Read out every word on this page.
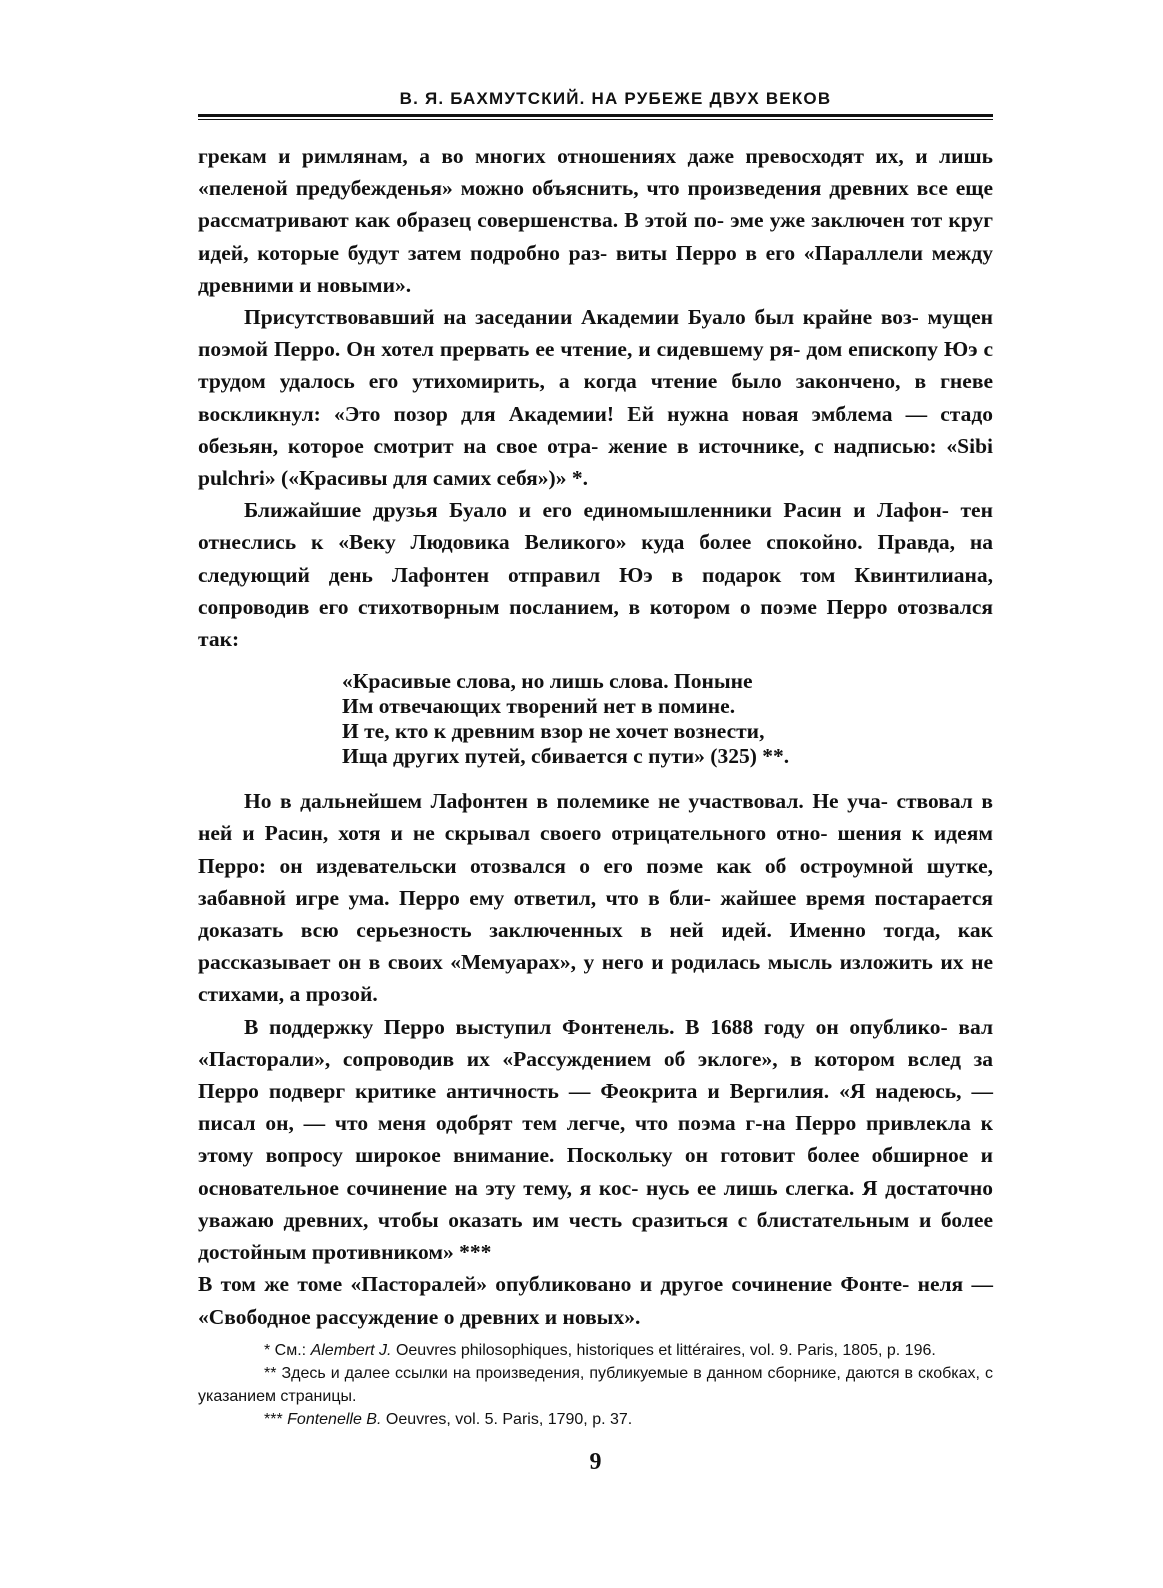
В. Я. БАХМУТСКИЙ. НА РУБЕЖЕ ДВУХ ВЕКОВ

грекам и римлянам, а во многих отношениях даже превосходят их, и лишь «пеленой предубежденья» можно объяснить, что произведения древних все еще рассматривают как образец совершенства. В этой по- эме уже заключен тот круг идей, которые будут затем подробно раз- виты Перро в его «Параллели между древними и новыми».

Присутствовавший на заседании Академии Буало был крайне воз- мущен поэмой Перро. Он хотел прервать ее чтение, и сидевшему ря- дом епископу Юэ с трудом удалось его утихомирить, а когда чтение было закончено, в гневе воскликнул: «Это позор для Академии! Ей нужна новая эмблема — стадо обезьян, которое смотрит на свое отра- жение в источнике, с надписью: «Sibi pulchri» («Красивы для самих себя»)» *.

Ближайшие друзья Буало и его единомышленники Расин и Лафон- тен отнеслись к «Веку Людовика Великого» куда более спокойно. Правда, на следующий день Лафонтен отправил Юэ в подарок том Квинтилиана, сопроводив его стихотворным посланием, в котором о поэме Перро отозвался так:

«Красивые слова, но лишь слова. Поныне
Им отвечающих творений нет в помине.
И те, кто к древним взор не хочет вознести,
Ища других путей, сбивается с пути» (325) **.

Но в дальнейшем Лафонтен в полемике не участвовал. Не уча- ствовал в ней и Расин, хотя и не скрывал своего отрицательного отно- шения к идеям Перро: он издевательски отозвался о его поэме как об остроумной шутке, забавной игре ума. Перро ему ответил, что в бли- жайшее время постарается доказать всю серьезность заключенных в ней идей. Именно тогда, как рассказывает он в своих «Мемуарах», у него и родилась мысль изложить их не стихами, а прозой.

В поддержку Перро выступил Фонтенель. В 1688 году он опублико- вал «Пасторали», сопроводив их «Рассуждением об эклоге», в котором вслед за Перро подверг критике античность — Феокрита и Вергилия. «Я надеюсь, — писал он, — что меня одобрят тем легче, что поэма г-на Перро привлекла к этому вопросу широкое внимание. Поскольку он готовит более обширное и основательное сочинение на эту тему, я кос- нусь ее лишь слегка. Я достаточно уважаю древних, чтобы оказать им честь сразиться с блистательным и более достойным противником» ***

В том же томе «Пасторалей» опубликовано и другое сочинение Фонте- неля — «Свободное рассуждение о древних и новых».

* См.: Alembert J. Oeuvres philosophiques, historiques et littéraires, vol. 9. Paris, 1805, p. 196.

** Здесь и далее ссылки на произведения, публикуемые в данном сборнике, даются в скобках, с указанием страницы.

*** Fontenelle B. Oeuvres, vol. 5. Paris, 1790, p. 37.

9
